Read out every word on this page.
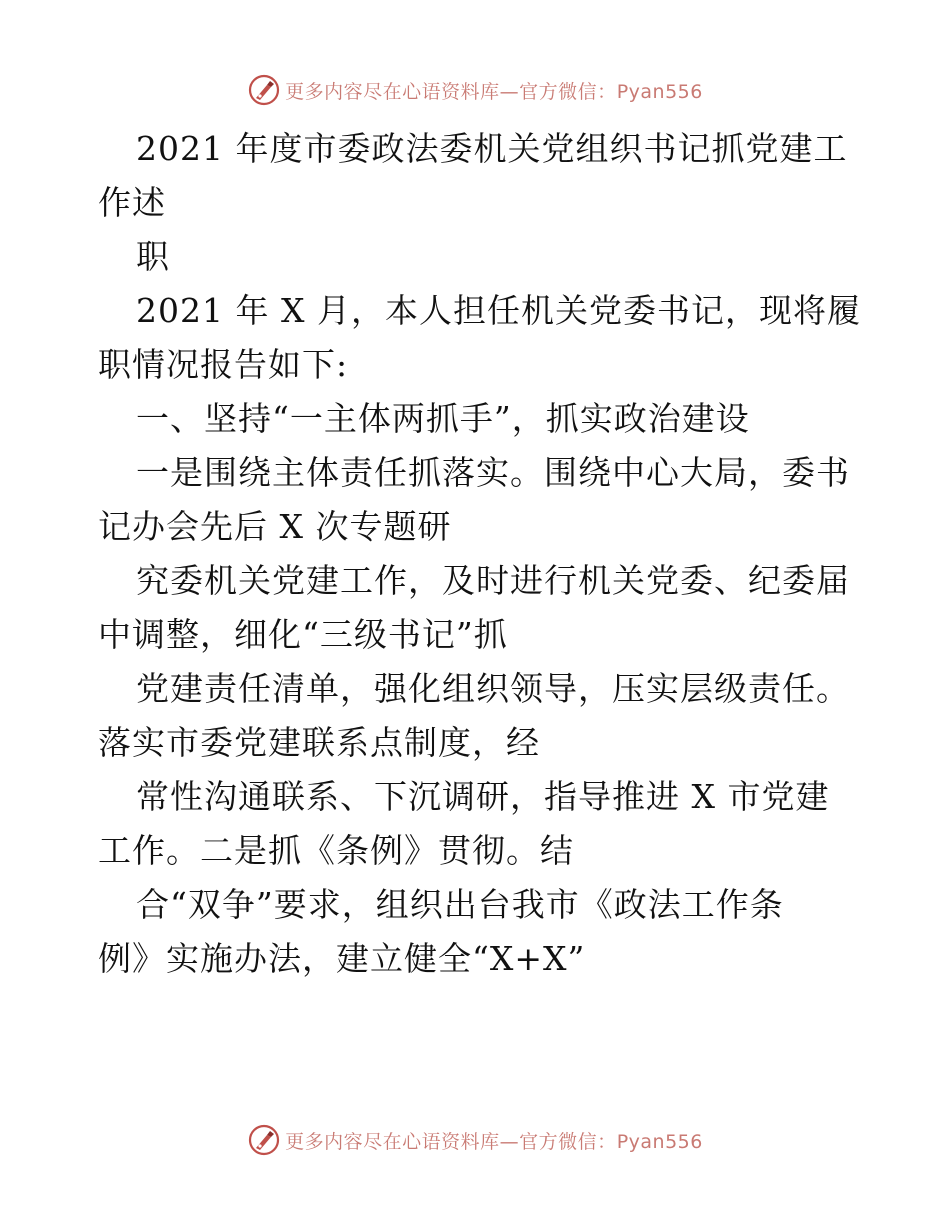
更多内容尽在心语资料库—官方微信：Pyan556
2021 年度市委政法委机关党组织书记抓党建工
作述
职
2021 年 X 月，本人担任机关党委书记，现将履
职情况报告如下:
一、坚持“一主体两抓手”，抓实政治建设
一是围绕主体责任抓落实。围绕中心大局，委书
记办会先后 X 次专题研
究委机关党建工作，及时进行机关党委、纪委届
中调整，细化“三级书记”抓
党建责任清单，强化组织领导，压实层级责任。
落实市委党建联系点制度，经
常性沟通联系、下沉调研，指导推进 X 市党建
工作。二是抓《条例》贯彻。结
合“双争”要求，组织出台我市《政法工作条
例》实施办法，建立健全“X+X”
更多内容尽在心语资料库—官方微信：Pyan556
